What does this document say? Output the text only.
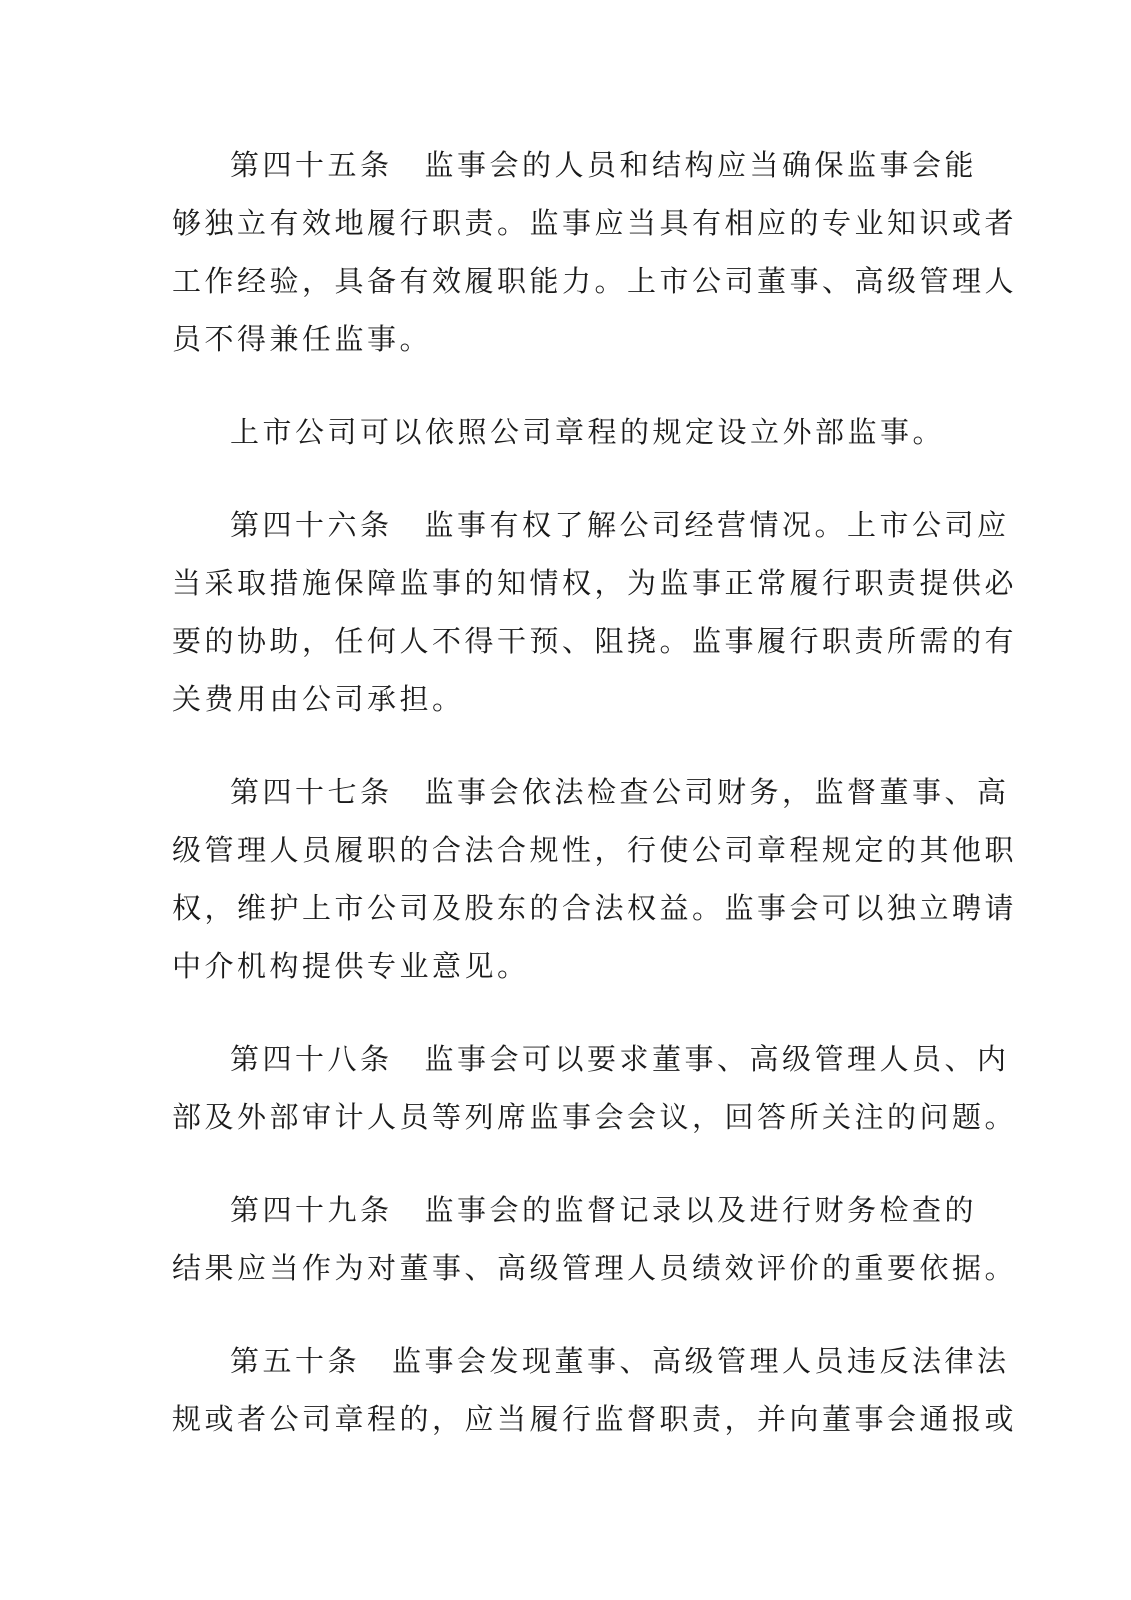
第四十五条 监事会的人员和结构应当确保监事会能
够独立有效地履行职责。监事应当具有相应的专业知识或者
工作经验，具备有效履职能力。上市公司董事、高级管理人
员不得兼任监事。
上市公司可以依照公司章程的规定设立外部监事。
第四十六条 监事有权了解公司经营情况。上市公司应
当采取措施保障监事的知情权，为监事正常履行职责提供必
要的协助，任何人不得干预、阻挠。监事履行职责所需的有
关费用由公司承担。
第四十七条 监事会依法检查公司财务，监督董事、高
级管理人员履职的合法合规性，行使公司章程规定的其他职
权，维护上市公司及股东的合法权益。监事会可以独立聘请
中介机构提供专业意见。
第四十八条 监事会可以要求董事、高级管理人员、内
部及外部审计人员等列席监事会会议，回答所关注的问题。
第四十九条 监事会的监督记录以及进行财务检查的
结果应当作为对董事、高级管理人员绩效评价的重要依据。
第五十条 监事会发现董事、高级管理人员违反法律法
规或者公司章程的，应当履行监督职责，并向董事会通报或
